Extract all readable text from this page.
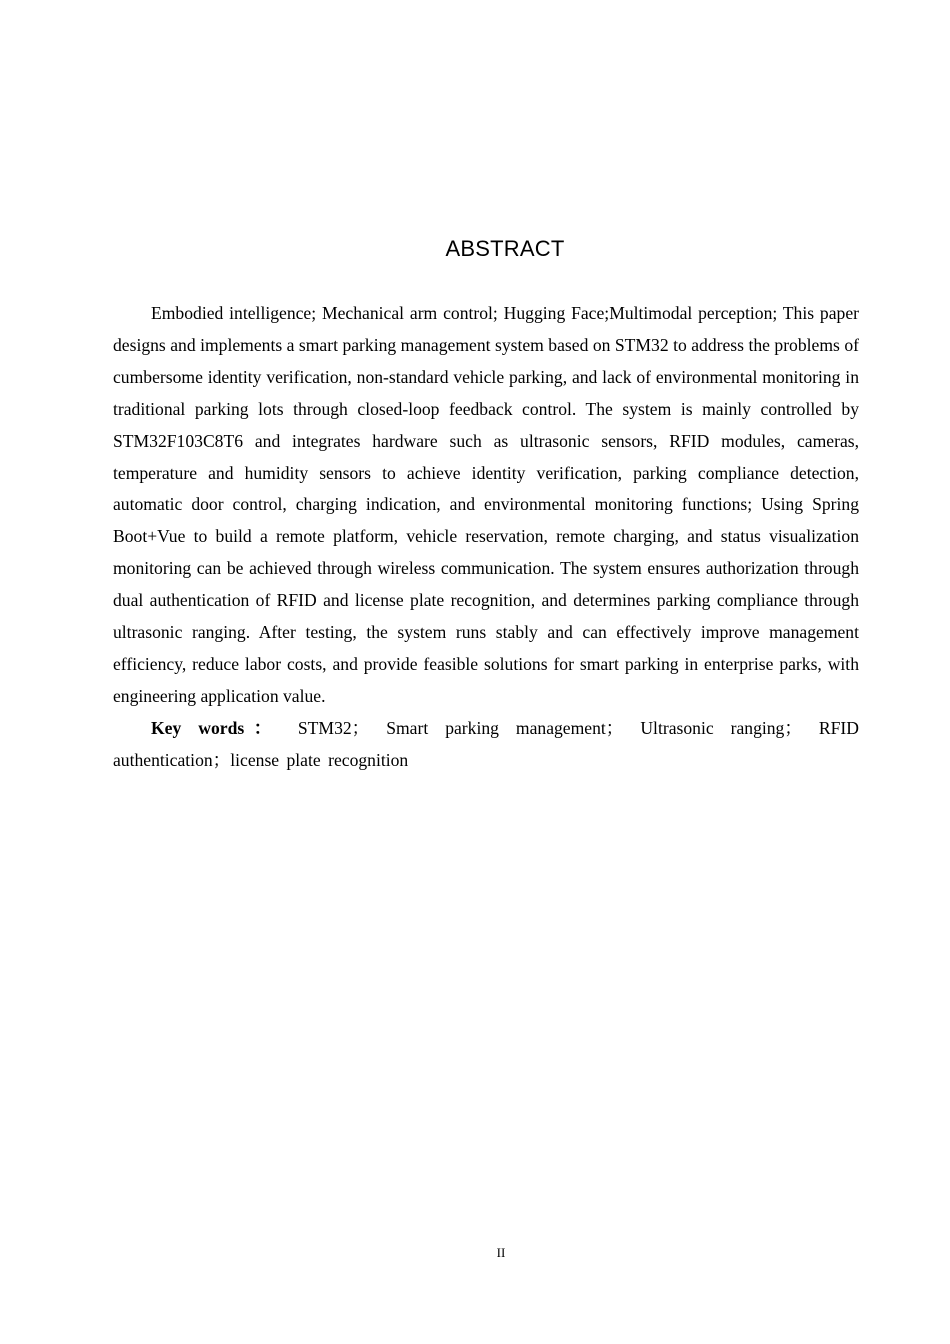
ABSTRACT

Embodied intelligence; Mechanical arm control; Hugging Face;Multimodal perception; This paper designs and implements a smart parking management system based on STM32 to address the problems of cumbersome identity verification, non-standard vehicle parking, and lack of environmental monitoring in traditional parking lots through closed-loop feedback control. The system is mainly controlled by STM32F103C8T6 and integrates hardware such as ultrasonic sensors, RFID modules, cameras, temperature and humidity sensors to achieve identity verification, parking compliance detection, automatic door control, charging indication, and environmental monitoring functions; Using Spring Boot+Vue to build a remote platform, vehicle reservation, remote charging, and status visualization monitoring can be achieved through wireless communication. The system ensures authorization through dual authentication of RFID and license plate recognition, and determines parking compliance through ultrasonic ranging. After testing, the system runs stably and can effectively improve management efficiency, reduce labor costs, and provide feasible solutions for smart parking in enterprise parks, with engineering application value.

Key words： STM32； Smart parking management； Ultrasonic ranging； RFID authentication；license plate recognition

II
